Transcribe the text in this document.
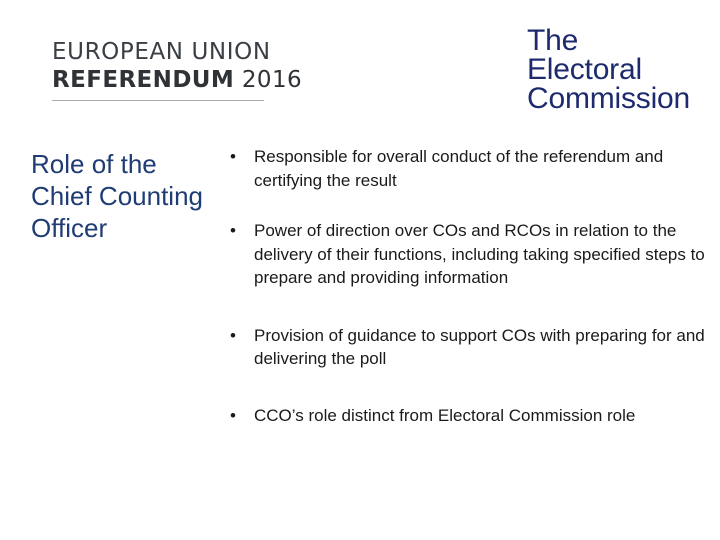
EUROPEAN UNION
REFERENDUM 2016
The
Electoral
Commission
Role of the
Chief Counting
Officer
• Responsible for overall conduct of the referendum and certifying the result
• Power of direction over COs and RCOs in relation to the delivery of their functions, including taking specified steps to prepare and providing information
• Provision of guidance to support COs with preparing for and delivering the poll
• CCO’s role distinct from Electoral Commission role
